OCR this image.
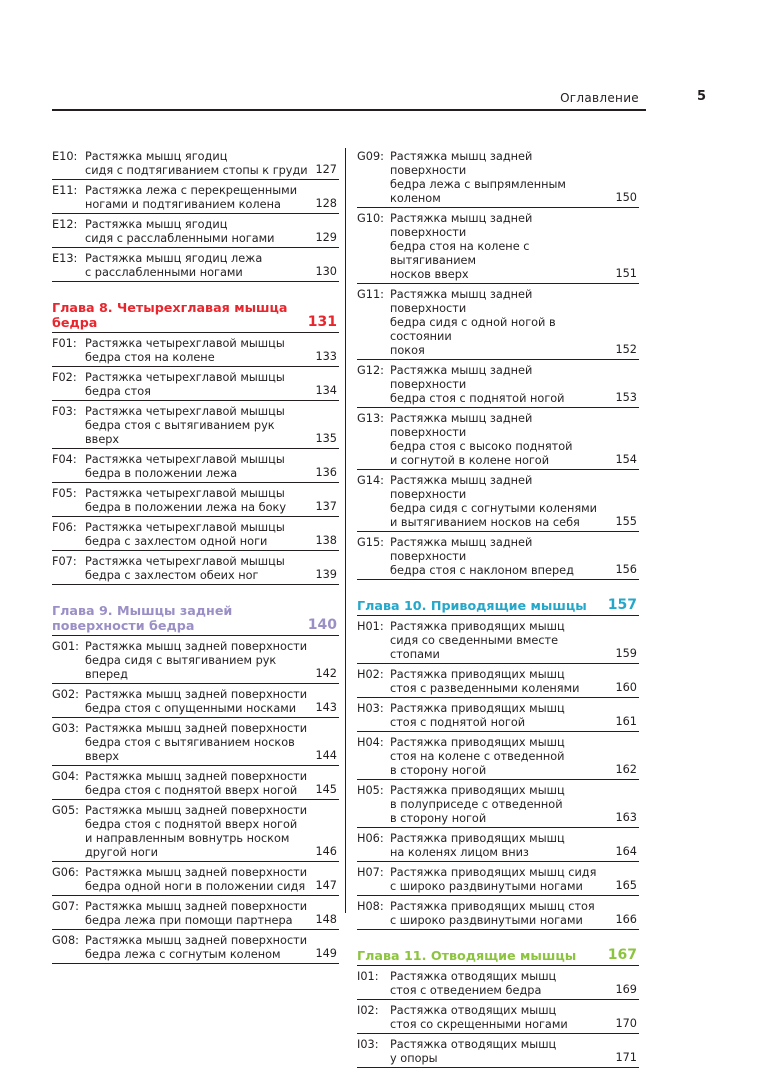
Оглавление	5
E10: Растяжка мышц ягодиц
сидя с подтягиванием стопы к груди 127
E11: Растяжка лежа с перекрещенными
ногами и подтягиванием колена	128
E12: Растяжка мышц ягодиц
сидя с расслабленными ногами	129
E13: Растяжка мышц ягодиц лежа
с расслабленными ногами	130
Глава 8. Четырехглавая мышца
бедра	131
F01: Растяжка четырехглавой мышцы
бедра стоя на колене	133
F02: Растяжка четырехглавой мышцы
бедра стоя	134
F03: Растяжка четырехглавой мышцы
бедра стоя с вытягиванием рук вверх	135
F04: Растяжка четырехглавой мышцы
бедра в положении лежа	136
F05: Растяжка четырехглавой мышцы
бедра в положении лежа на боку	137
F06: Растяжка четырехглавой мышцы
бедра с захлестом одной ноги	138
F07: Растяжка четырехглавой мышцы
бедра с захлестом обеих ног	139
Глава 9. Мышцы задней
поверхности бедра	140
G01: Растяжка мышц задней поверхности
бедра сидя с вытягиванием рук
вперед	142
G02: Растяжка мышц задней поверхности
бедра стоя с опущенными носками	143
G03: Растяжка мышц задней поверхности
бедра стоя с вытягиванием носков
вверх	144
G04: Растяжка мышц задней поверхности
бедра стоя с поднятой вверх ногой	145
G05: Растяжка мышц задней поверхности
бедра стоя с поднятой вверх ногой
и направленным вовнутрь носком
другой ноги	146
G06: Растяжка мышц задней поверхности
бедра одной ноги в положении сидя 147
G07: Растяжка мышц задней поверхности
бедра лежа при помощи партнера	148
G08: Растяжка мышц задней поверхности
бедра лежа с согнутым коленом	149
G09: Растяжка мышц задней поверхности
бедра лежа с выпрямленным
коленом	150
G10: Растяжка мышц задней поверхности
бедра стоя на колене с вытягиванием
носков вверх	151
G11: Растяжка мышц задней поверхности
бедра сидя с одной ногой в состоянии
покоя	152
G12: Растяжка мышц задней поверхности
бедра стоя с поднятой ногой	153
G13: Растяжка мышц задней поверхности
бедра стоя с высоко поднятой
и согнутой в колене ногой	154
G14: Растяжка мышц задней поверхности
бедра сидя с согнутыми коленями
и вытягиванием носков на себя	155
G15: Растяжка мышц задней поверхности
бедра стоя с наклоном вперед	156
Глава 10. Приводящие мышцы	157
H01: Растяжка приводящих мышц
сидя со сведенными вместе стопами	159
H02: Растяжка приводящих мышц
стоя с разведенными коленями	160
H03: Растяжка приводящих мышц
стоя с поднятой ногой	161
H04: Растяжка приводящих мышц
стоя на колене с отведенной
в сторону ногой	162
H05: Растяжка приводящих мышц
в полуприседе с отведенной
в сторону ногой	163
H06: Растяжка приводящих мышц
на коленях лицом вниз	164
H07: Растяжка приводящих мышц сидя
с широко раздвинутыми ногами	165
H08: Растяжка приводящих мышц стоя
с широко раздвинутыми ногами	166
Глава 11. Отводящие мышцы	167
I01: Растяжка отводящих мышц
стоя с отведением бедра	169
I02: Растяжка отводящих мышц
стоя со скрещенными ногами	170
I03: Растяжка отводящих мышц
у опоры	171
